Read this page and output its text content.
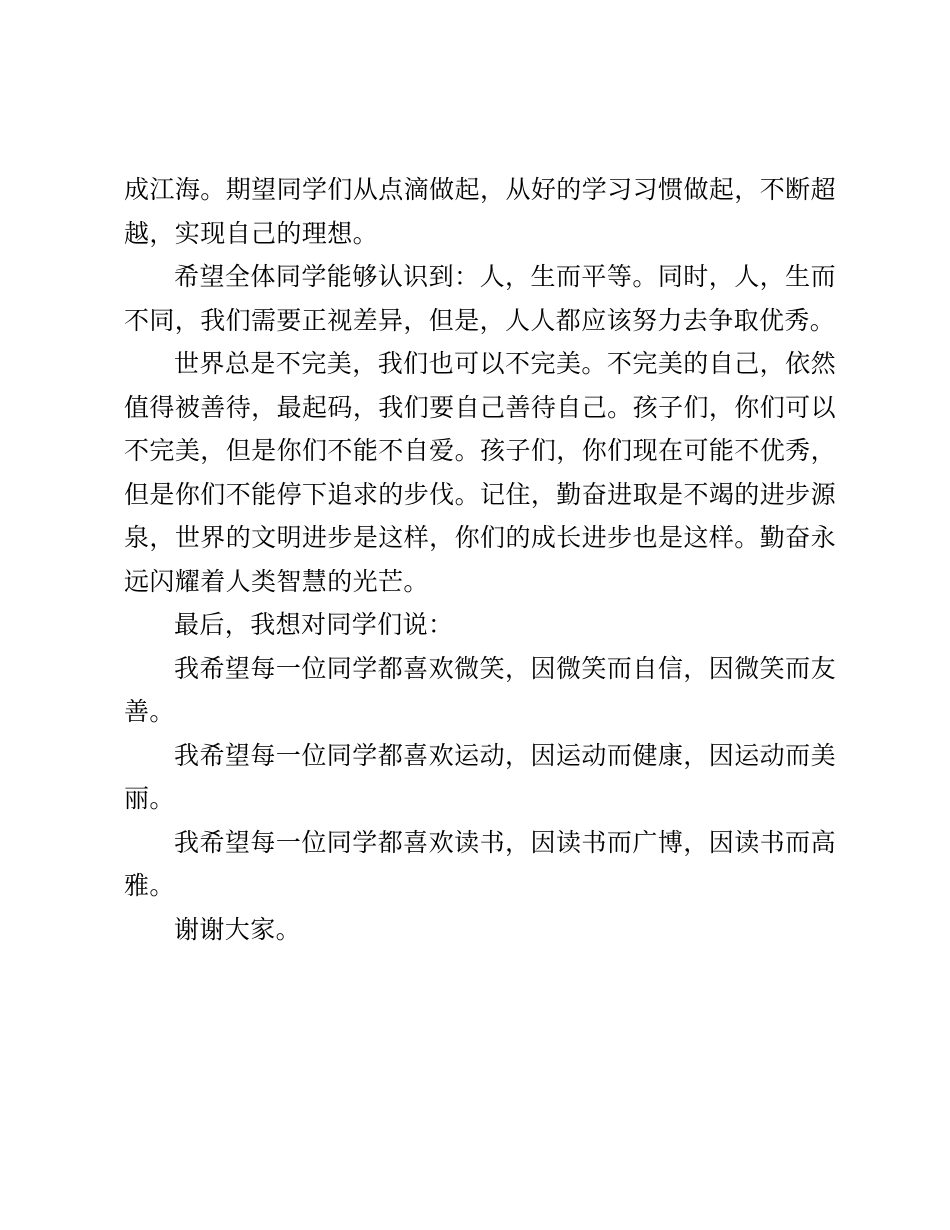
成江海。期望同学们从点滴做起，从好的学习习惯做起，不断超越，实现自己的理想。

希望全体同学能够认识到：人，生而平等。同时，人，生而不同，我们需要正视差异，但是，人人都应该努力去争取优秀。

世界总是不完美，我们也可以不完美。不完美的自己，依然值得被善待，最起码，我们要自己善待自己。孩子们，你们可以不完美，但是你们不能不自爱。孩子们，你们现在可能不优秀，但是你们不能停下追求的步伐。记住，勤奋进取是不竭的进步源泉，世界的文明进步是这样，你们的成长进步也是这样。勤奋永远闪耀着人类智慧的光芒。

最后，我想对同学们说：

我希望每一位同学都喜欢微笑，因微笑而自信，因微笑而友善。

我希望每一位同学都喜欢运动，因运动而健康，因运动而美丽。

我希望每一位同学都喜欢读书，因读书而广博，因读书而高雅。

谢谢大家。
